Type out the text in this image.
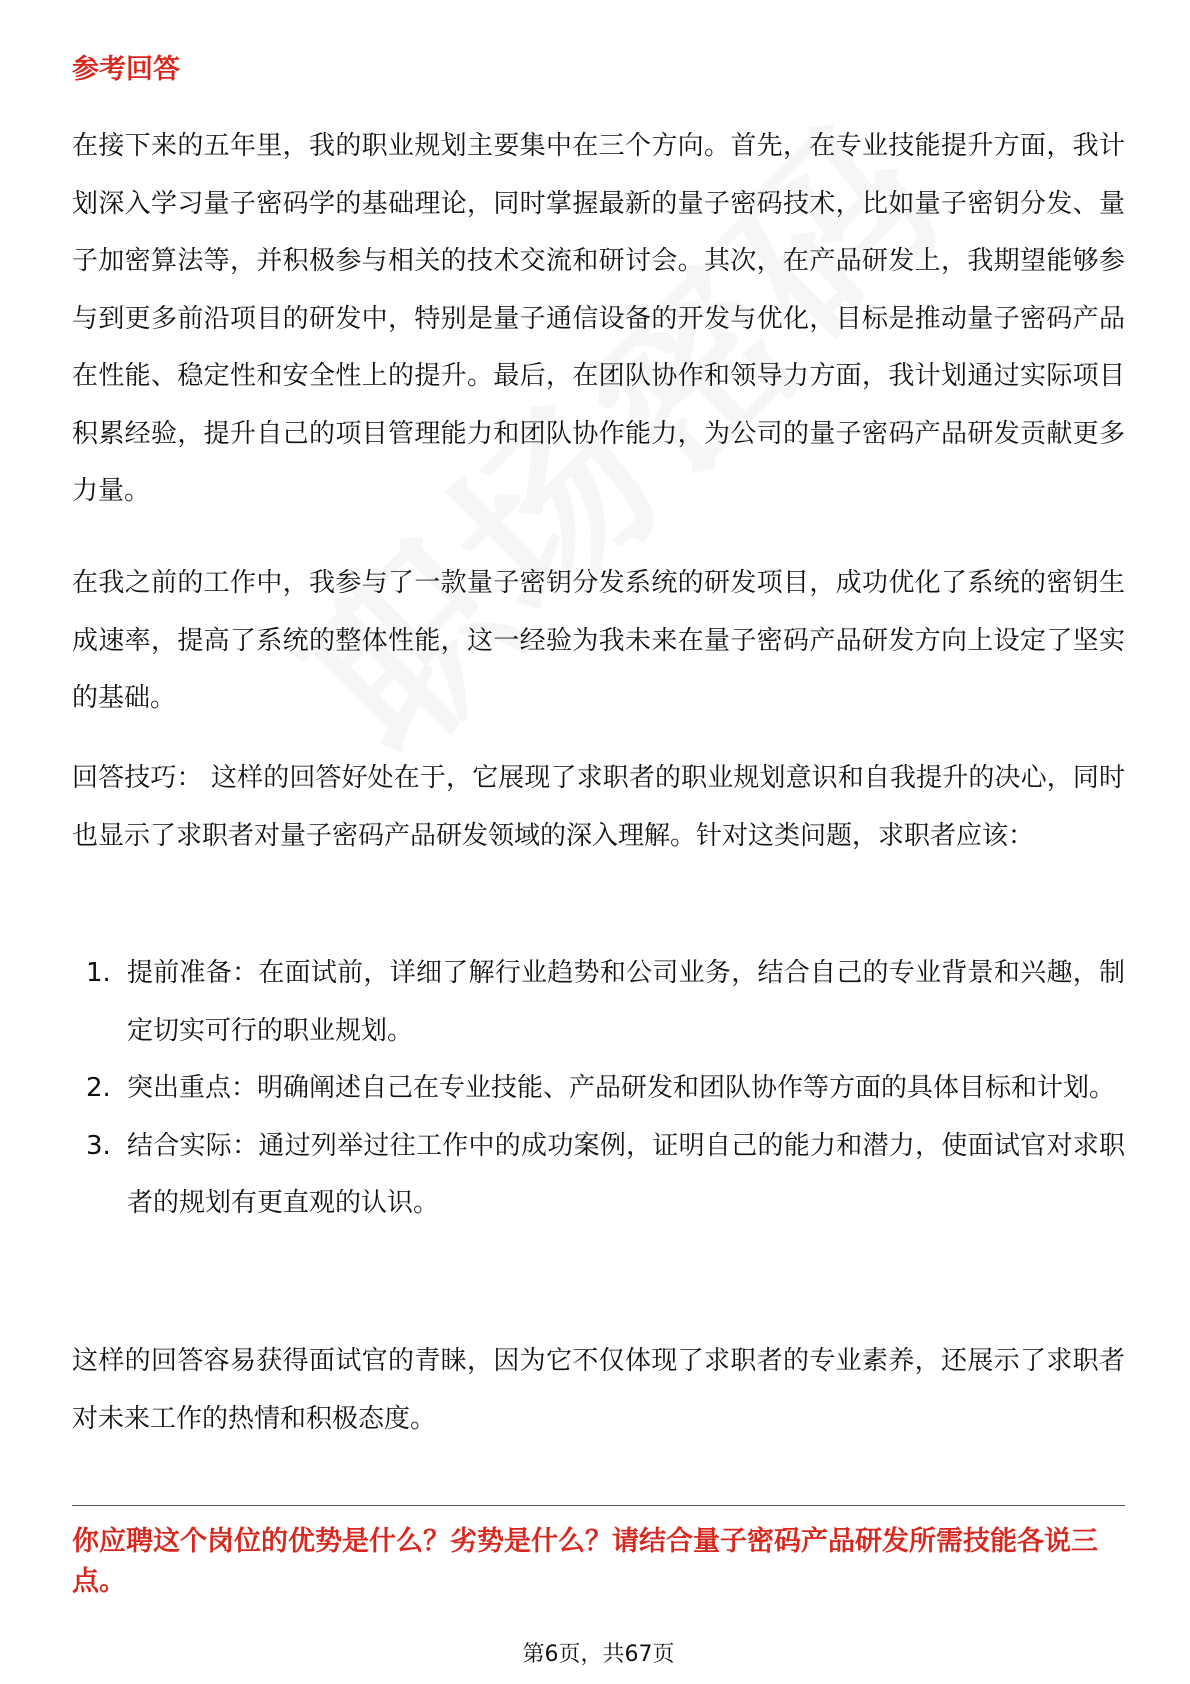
参考回答

在接下来的五年里，我的职业规划主要集中在三个方向。首先，在专业技能提升方面，我计划深入学习量子密码学的基础理论，同时掌握最新的量子密码技术，比如量子密钥分发、量子加密算法等，并积极参与相关的技术交流和研讨会。其次，在产品研发上，我期望能够参与到更多前沿项目的研发中，特别是量子通信设备的开发与优化，目标是推动量子密码产品在性能、稳定性和安全性上的提升。最后，在团队协作和领导力方面，我计划通过实际项目积累经验，提升自己的项目管理能力和团队协作能力，为公司的量子密码产品研发贡献更多力量。

在我之前的工作中，我参与了一款量子密钥分发系统的研发项目，成功优化了系统的密钥生成速率，提高了系统的整体性能，这一经验为我未来在量子密码产品研发方向上设定了坚实的基础。

回答技巧： 这样的回答好处在于，它展现了求职者的职业规划意识和自我提升的决心，同时也显示了求职者对量子密码产品研发领域的深入理解。针对这类问题，求职者应该：

1. 提前准备：在面试前，详细了解行业趋势和公司业务，结合自己的专业背景和兴趣，制定切实可行的职业规划。
2. 突出重点：明确阐述自己在专业技能、产品研发和团队协作等方面的具体目标和计划。
3. 结合实际：通过列举过往工作中的成功案例，证明自己的能力和潜力，使面试官对求职者的规划有更直观的认识。

这样的回答容易获得面试官的青睐，因为它不仅体现了求职者的专业素养，还展示了求职者对未来工作的热情和积极态度。

你应聘这个岗位的优势是什么？劣势是什么？请结合量子密码产品研发所需技能各说三点。
第6页，共67页
